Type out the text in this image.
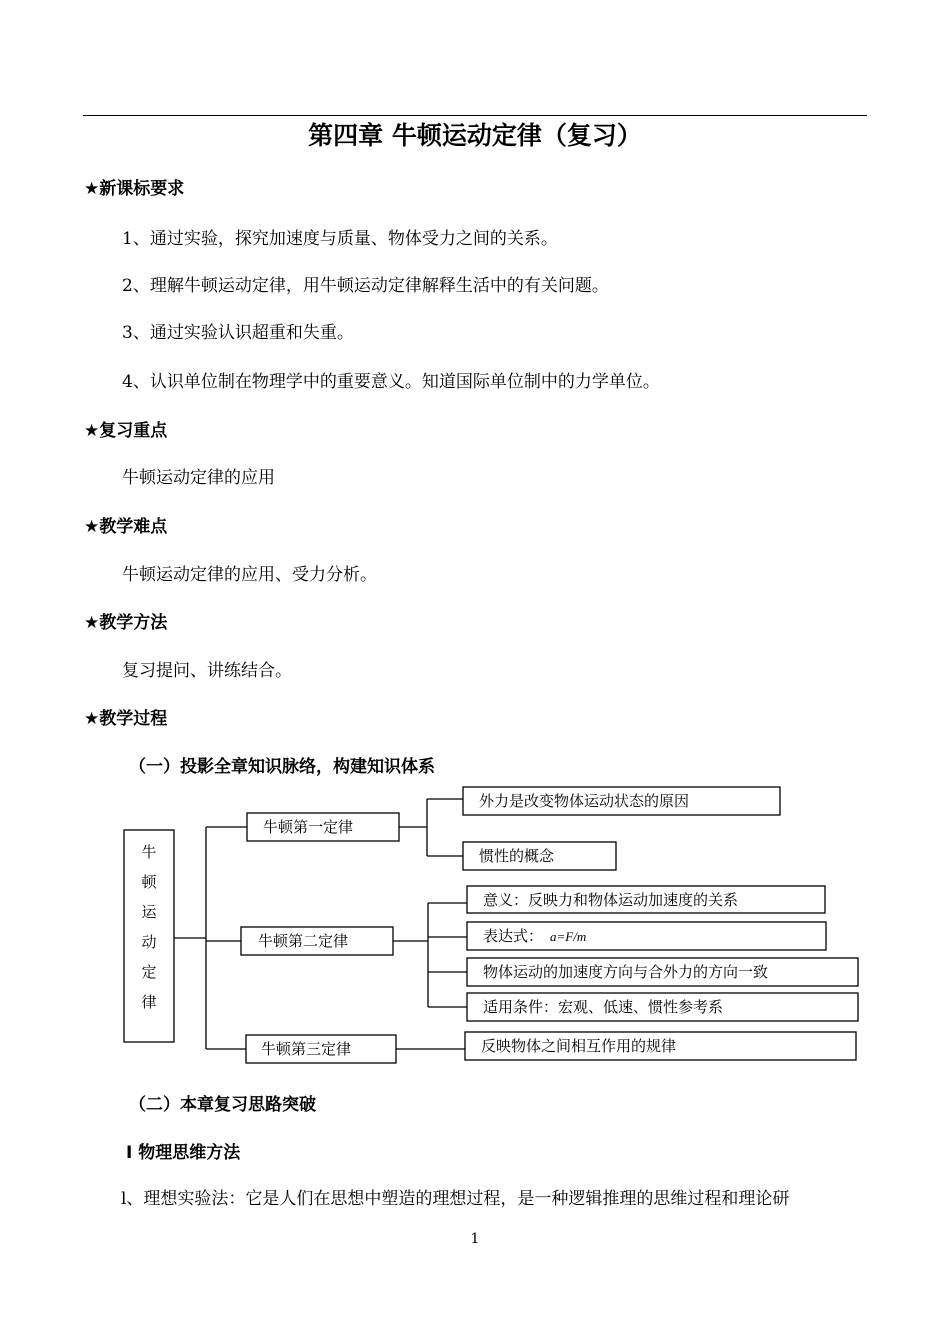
第四章 牛顿运动定律（复习）
★新课标要求
1、通过实验，探究加速度与质量、物体受力之间的关系。
2、理解牛顿运动定律，用牛顿运动定律解释生活中的有关问题。
3、通过实验认识超重和失重。
4、认识单位制在物理学中的重要意义。知道国际单位制中的力学单位。
★复习重点
牛顿运动定律的应用
★教学难点
牛顿运动定律的应用、受力分析。
★教学方法
复习提问、讲练结合。
★教学过程
（一）投影全章知识脉络，构建知识体系
牛
顿
运
动
定
律
牛顿第一定律
牛顿第二定律
牛顿第三定律
外力是改变物体运动状态的原因
惯性的概念
意义：反映力和物体运动加速度的关系
表达式： a=F/m
物体运动的加速度方向与合外力的方向一致
适用条件：宏观、低速、惯性参考系
反映物体之间相互作用的规律
（二）本章复习思路突破
Ⅰ 物理思维方法
l、理想实验法：它是人们在思想中塑造的理想过程，是一种逻辑推理的思维过程和理论研
1
